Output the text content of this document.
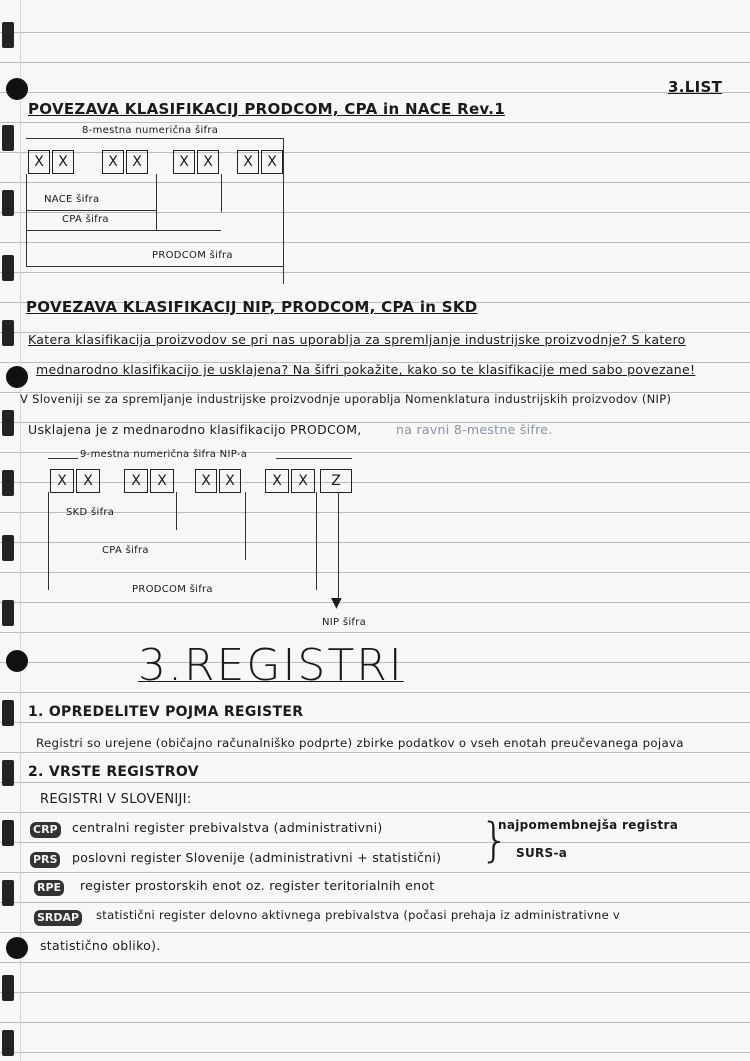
3.LIST
POVEZAVA KLASIFIKACIJ PRODCOM, CPA in NACE Rev.1
8-mestna numerična šifra
X	X	X	X	X	X	X	X
NACE šifra
CPA šifra
PRODCOM šifra
POVEZAVA KLASIFIKACIJ NIP, PRODCOM, CPA in SKD
Katera klasifikacija proizvodov se pri nas uporablja za spremljanje industrijske proizvodnje? S katero
mednarodno klasifikacijo je usklajena? Na šifri pokažite, kako so te klasifikacije med sabo povezane!
V Sloveniji se za spremljanje industrijske proizvodnje uporablja Nomenklatura industrijskih proizvodov (NIP)
Usklajena je z mednarodno klasifikacijo PRODCOM,	na ravni 8-mestne šifre.
9-mestna numerična šifra NIP-a
X	X	X	X	X	X	X	X	Z
▼
SKD šifra
CPA šifra
PRODCOM šifra
NIP šifra
3.REGISTRI
1. OPREDELITEV POJMA REGISTER
Registri so urejene (običajno računalniško podprte) zbirke podatkov o vseh enotah preučevanega pojava
2. VRSTE REGISTROV
REGISTRI V SLOVENIJI:
CRP centralni register prebivalstva (administrativni)
PRS poslovni register Slovenije (administrativni + statistični) }
najpomembnejša registra
SURS-a
RPE register prostorskih enot oz. register teritorialnih enot
SRDAP statistični register delovno aktivnega prebivalstva (počasi prehaja iz administrativne v
statistično obliko).
